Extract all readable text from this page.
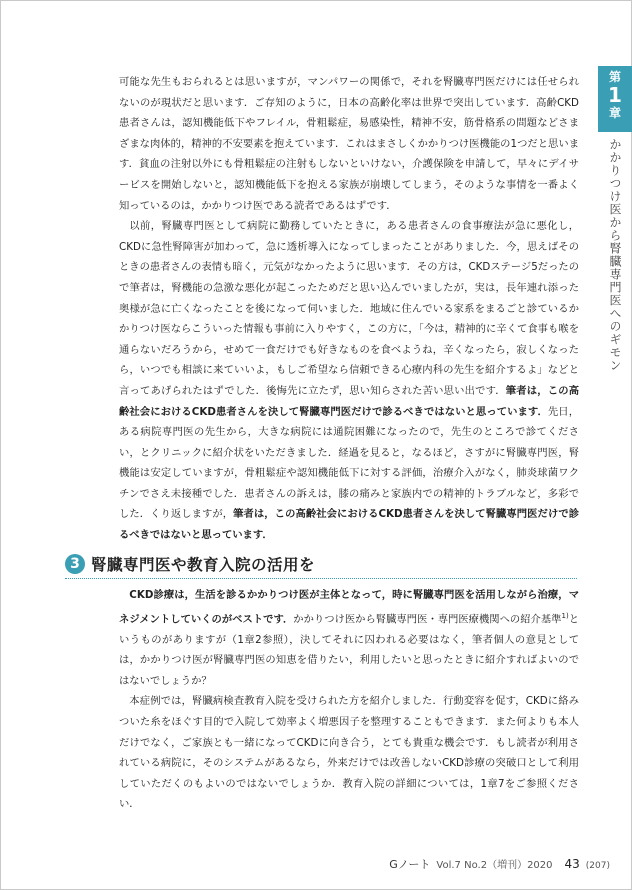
第
1
章
かかりつけ医から腎臓専門医へのギモン

可能な先生もおられるとは思いますが，マンパワーの関係で，それを腎臓専門医だけには任せられないのが現状だと思います．ご存知のように，日本の高齢化率は世界で突出しています．高齢CKD患者さんは，認知機能低下やフレイル，骨粗鬆症，易感染性，精神不安，筋骨格系の問題などさまざまな肉体的，精神的不安要素を抱えています．これはまさしくかかりつけ医機能の1つだと思います．貧血の注射以外にも骨粗鬆症の注射もしないといけない，介護保険を申請して，早々にデイサービスを開始しないと，認知機能低下を抱える家族が崩壊してしまう，そのような事情を一番よく知っているのは，かかりつけ医である読者であるはずです．

以前，腎臓専門医として病院に勤務していたときに，ある患者さんの食事療法が急に悪化し，CKDに急性腎障害が加わって，急に透析導入になってしまったことがありました．今，思えばそのときの患者さんの表情も暗く，元気がなかったように思います．その方は，CKDステージ5だったので筆者は，腎機能の急激な悪化が起こったためだと思い込んでいましたが，実は，長年連れ添った奥様が急に亡くなったことを後になって伺いました．地域に住んでいる家系をまるごと診ているかかりつけ医ならこういった情報も事前に入りやすく，この方に，「今は，精神的に辛くて食事も喉を通らないだろうから，せめて一食だけでも好きなものを食べようね，辛くなったら，寂しくなったら，いつでも相談に来ていいよ，もしご希望なら信頼できる心療内科の先生を紹介するよ」などと言ってあげられたはずでした．後悔先に立たず，思い知らされた苦い思い出です．筆者は，この高齢社会におけるCKD患者さんを決して腎臓専門医だけで診るべきではないと思っています．先日，ある病院専門医の先生から，大きな病院には通院困難になったので，先生のところで診てください，とクリニックに紹介状をいただきました．経過を見ると，なるほど，さすがに腎臓専門医，腎機能は安定していますが，骨粗鬆症や認知機能低下に対する評価，治療介入がなく，肺炎球菌ワクチンでさえ未接種でした．患者さんの訴えは，膝の痛みと家族内での精神的トラブルなど，多彩でした．くり返しますが，筆者は，この高齢社会におけるCKD患者さんを決して腎臓専門医だけで診るべきではないと思っています．

3 腎臓専門医や教育入院の活用を

CKD診療は，生活を診るかかりつけ医が主体となって，時に腎臓専門医を活用しながら治療，マネジメントしていくのがベストです．かかりつけ医から腎臓専門医・専門医療機関への紹介基準$^{1)}$というものがありますが（1章2参照），決してそれに囚われる必要はなく，筆者個人の意見としては，かかりつけ医が腎臓専門医の知恵を借りたい，利用したいと思ったときに紹介すればよいのではないでしょうか？

本症例では，腎臓病検査教育入院を受けられた方を紹介しました．行動変容を促す，CKDに絡みついた糸をほぐす目的で入院して効率よく増悪因子を整理することもできます．また何よりも本人だけでなく，ご家族とも一緒になってCKDに向き合う，とても貴重な機会です．もし読者が利用されている病院に，そのシステムがあるなら，外来だけでは改善しないCKD診療の突破口として利用していただくのもよいのではないでしょうか．教育入院の詳細については，1章7をご参照ください．

Gノート Vol.7 No.2（増刊）2020 43 (207)
